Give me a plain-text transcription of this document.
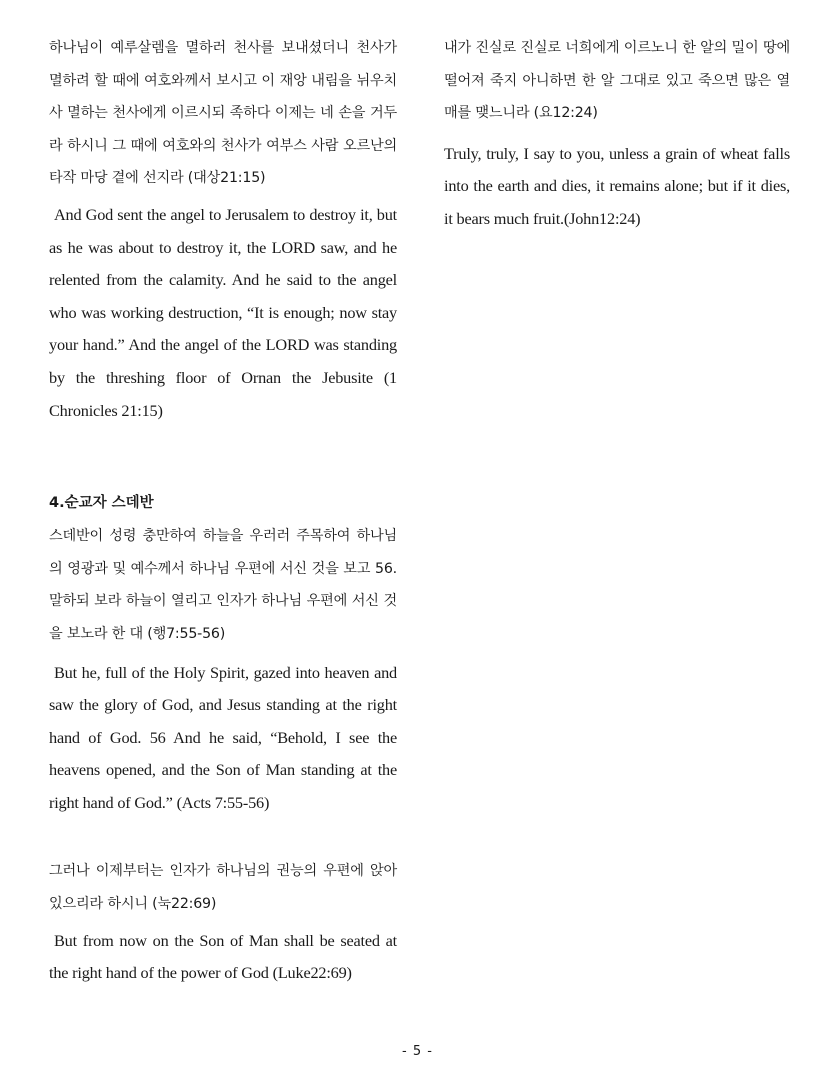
하나님이 예루살렘을 멸하러 천사를 보내셨더니 천사가 멸하려 할 때에 여호와께서 보시고 이 재앙 내림을 뉘우치사 멸하는 천사에게 이르시되 족하다 이제는 네 손을 거두라 하시니 그 때에 여호와의 천사가 여부스 사람 오르난의 타작 마당 곁에 선지라 (대상21:15)

And God sent the angel to Jerusalem to destroy it, but as he was about to destroy it, the LORD saw, and he relented from the calamity. And he said to the angel who was working destruction, “It is enough; now stay your hand.” And the angel of the LORD was standing by the threshing floor of Ornan the Jebusite (1 Chronicles 21:15)

4.순교자 스데반

스데반이 성령 충만하여 하늘을 우러러 주목하여 하나님의 영광과 및 예수께서 하나님 우편에 서신 것을 보고 56.말하되 보라 하늘이 열리고 인자가 하나님 우편에 서신 것을 보노라 한 대 (행7:55-56)

But he, full of the Holy Spirit, gazed into heaven and saw the glory of God, and Jesus standing at the right hand of God. 56 And he said, “Behold, I see the heavens opened, and the Son of Man standing at the right hand of God.” (Acts 7:55-56)

그러나 이제부터는 인자가 하나님의 권능의 우편에 앉아 있으리라 하시니 (눅22:69)

But from now on the Son of Man shall be seated at the right hand of the power of God (Luke22:69)

내가 진실로 진실로 너희에게 이르노니 한 알의 밀이 땅에 떨어져 죽지 아니하면 한 알 그대로 있고 죽으면 많은 열매를 맺느니라 (요12:24)

Truly, truly, I say to you, unless a grain of wheat falls into the earth and dies, it remains alone; but if it dies, it bears much fruit.(John12:24)

- 5 -
